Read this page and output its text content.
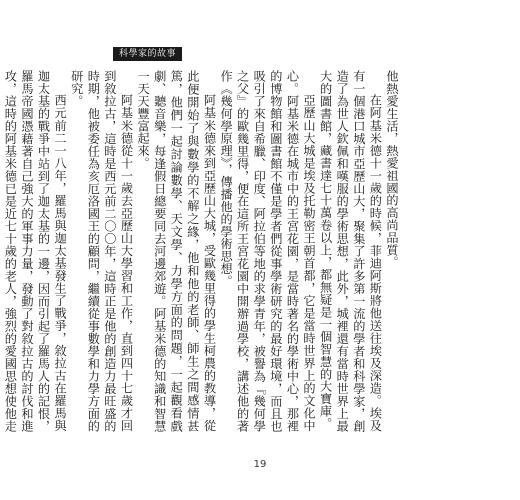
科學家的故事

他熱愛生活，熱愛祖國的高尚品質。

在阿基米德十一歲的時候，菲迪阿斯將他送往埃及深造。埃及有一個港口城市亞歷山大，聚集了許多第一流的學者和科學家，創造了為世人欽佩和嘆服的學術思想，此外，城裡還有當時世界上最大的圖書館，藏書達七十萬卷以上，都無疑是一個智慧的大寶庫。

亞歷山大城是埃及托勒密王朝首都，它是當時世界上的文化中心。阿基米德在城市中的王宮花園，是當時著名的學術中心，那裡的博物館和圖書館不僅是學者們從事學術研究的最好環境，而且也吸引了來自希臘、印度、阿拉伯等地的求學青年，被譽為『幾何學之父』的歐幾里得，便在這所王宮花園中開辦過學校，講述他的著作《幾何學原理》，傳播他的學術思想。

阿基米德來到亞歷山大城，受歐幾里得的學生柯農的教導，從此便開始了與數學的不解之緣，他和他的老師、師生之間感情甚篤，他們一起討論數學、天文學、力學方面的問題，一起觀看戲劇、聽音樂，每逢假日總要同去河邊郊遊。阿基米德的知識和智慧一天天豐富起來。

阿基米德從十一歲去亞歷山大學習和工作，直到四十七歲才回到敘拉古，這時是西元前二〇〇年，這時正是他的創造力最旺盛的時期，他被委任為亥厄洛國王的顧問，繼續從事數學和力學方面的研究。

西元前二一八年，羅馬與迦太基發生了戰爭，敘拉古在羅馬與迦太基的戰爭中站到了迦太基的一邊，因而引起了羅馬人的記恨，羅馬帝國憑藉著自己強大的軍事力量，發動了對敘拉古的討伐和進攻，這時的阿基米德已是近七十歲的老人，強烈的愛國思想使他走

19
